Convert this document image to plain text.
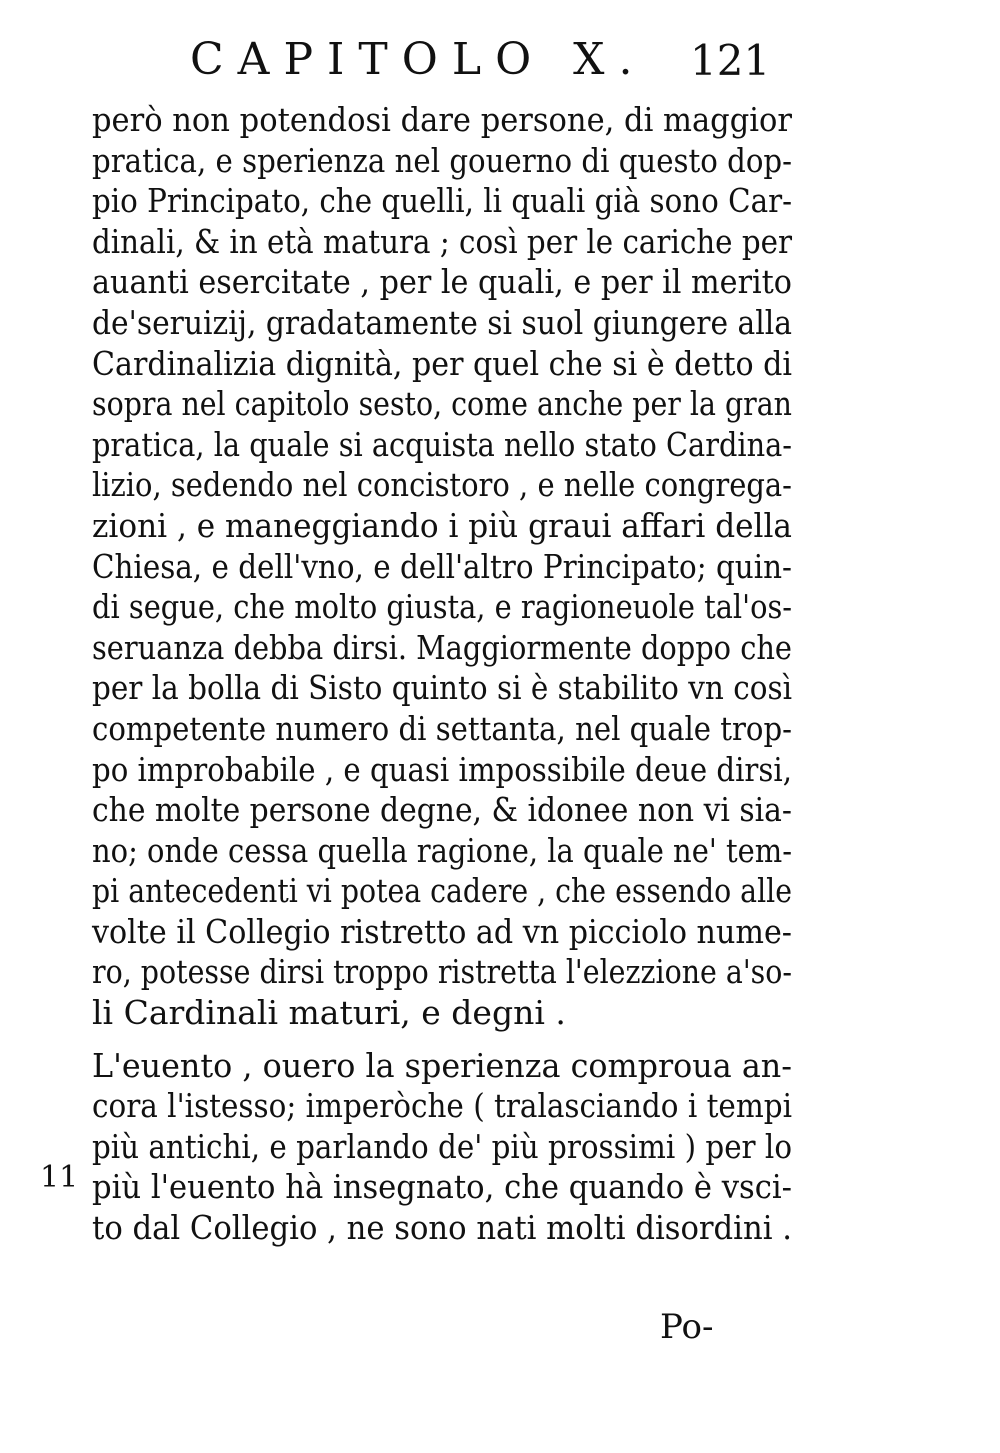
CAPITOLO X. 121
però non potendosi dare persone, di maggior
pratica, e sperienza nel gouerno di questo dop-
pio Principato, che quelli, li quali già sono Car-
dinali, & in età matura ; così per le cariche per
auanti esercitate , per le quali, e per il merito
de'seruizij, gradatamente si suol giungere alla
Cardinalizia dignità, per quel che si è detto di
sopra nel capitolo sesto, come anche per la gran
pratica, la quale si acquista nello stato Cardina-
lizio, sedendo nel concistoro , e nelle congrega-
zioni , e maneggiando i più graui affari della
Chiesa, e dell'vno, e dell'altro Principato; quin-
di segue, che molto giusta, e ragioneuole tal'os-
seruanza debba dirsi. Maggiormente doppo che
per la bolla di Sisto quinto si è stabilito vn così
competente numero di settanta, nel quale trop-
po improbabile , e quasi impossibile deue dirsi,
che molte persone degne, & idonee non vi sia-
no; onde cessa quella ragione, la quale ne' tem-
pi antecedenti vi potea cadere , che essendo alle
volte il Collegio ristretto ad vn picciolo nume-
ro, potesse dirsi troppo ristretta l'elezzione a'so-
li Cardinali maturi, e degni .
L'euento , ouero la sperienza comproua an-
cora l'istesso; imperòche ( tralasciando i tempi
più antichi, e parlando de' più prossimi ) per lo
più l'euento hà insegnato, che quando è vsci-
to dal Collegio , ne sono nati molti disordini .
11
Po-
